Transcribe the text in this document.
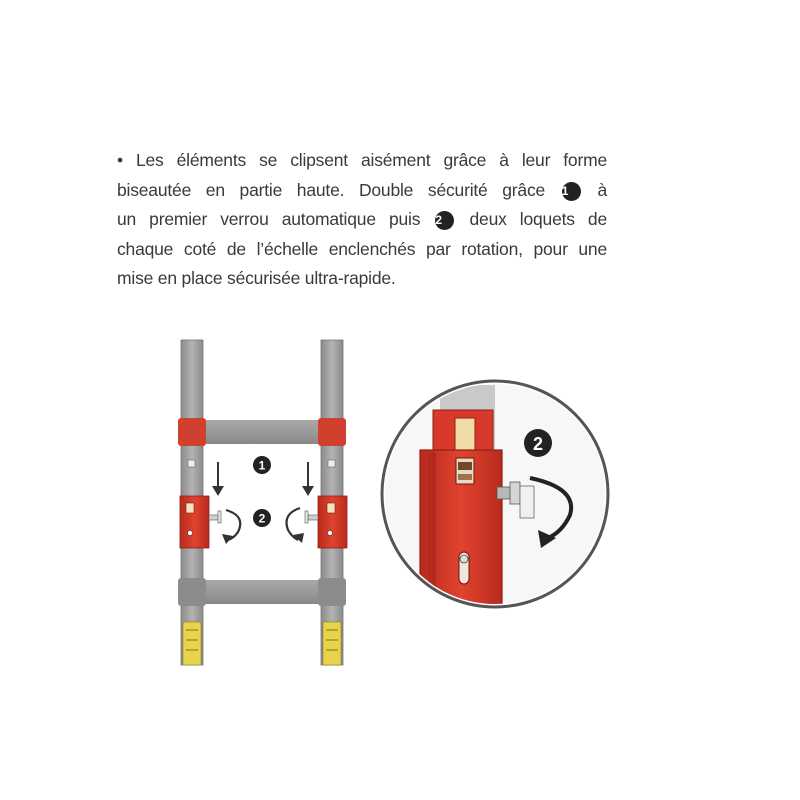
• Les éléments se clipsent aisément grâce à leur forme
biseautée en partie haute. Double sécurité grâce 1 à
un premier verrou automatique puis 2 deux loquets de
chaque coté de l’échelle enclenchés par rotation, pour une
mise en place sécurisée ultra-rapide.
1
2
2
